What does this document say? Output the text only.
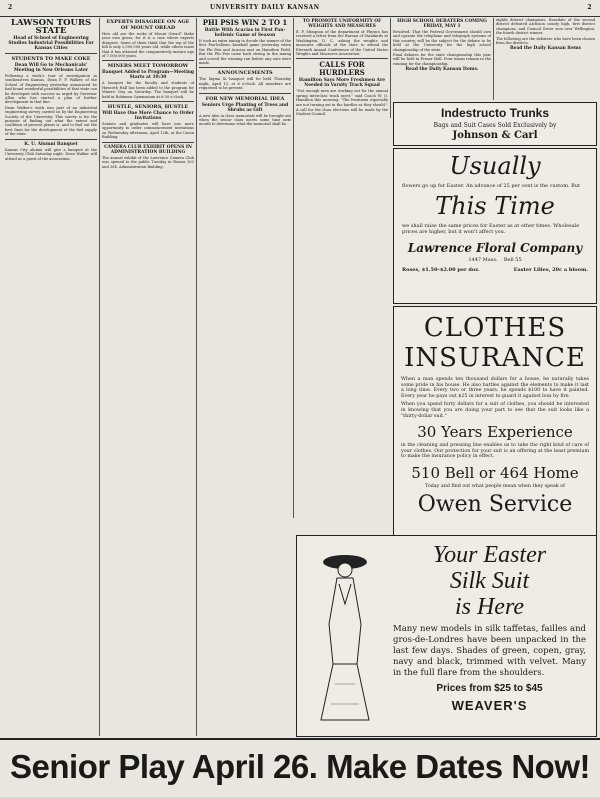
2	UNIVERSITY DAILY KANSAN	2
LAWSON TOURS STATE
Head of School of Engineering Studies Industrial Possibilities For Kansas Cities
STUDENTS TO MAKE COKE
Dean Will Go to Mechanicals' Meeting in New Orleans Later

Following a week's tour of investigation in southeastern Kansas, Dean F. F. Walker, of the School of Engineering yesterday announced he had found wonderful possibilities of that state can be developed with success as urged by Governor Allen who has started a plan of further development in that line.

Dean Walker's work was part of an industrial engineering survey carried on by the Engineering Society of the University. This survey is for the purpose of finding out what the extent and condition of present plants is, and to find out the best lines for the development of the fuel supply of the state.

K. U. Alumni Banquet

Kansas City alumni will give a banquet at the University Club Saturday night. Dean Walker will attend as a guest of the association.

EXPERTS DISAGREE ON AGE OF MOUNT OREAD

How old are the rocks of Mount Oread? Make your own guess, for it is a case where experts disagree. Some of them think that the top of the hill is only 2,000,000 years old, while others insist that it has attained the comparatively mature age of 7,000,000 years.

MINERS MEET TOMORROW
Banquet Added to Program—Meeting Starts at 10:30

A banquet for the faculty and students of Haworth Hall has been added to the program for Miners' Day on Saturday. The banquet will be held in Robinson Gymnasium at 6:30 o'clock.

HUSTLE, SENIORS, HUSTLE
Will Have One More Chance to Order Invitations

Seniors and graduates will have one more opportunity to order commencement invitations on Wednesday afternoon, April 12th, at the Union Building.

CAMERA CLUB EXHIBIT OPENS IN ADMINISTRATION BUILDING

The annual exhibit of the Lawrence Camera Club was opened to the public Tuesday in Rooms 302 and 304, Administration Building.

PHI PSIS WIN 2 TO 1
Battle With Acacias in First Pan-hellenic Game of Season

It took an extra inning to decide the winner of the first Pan-hellenic baseball game yesterday when the Phi Psis and Acacias met on Hamilton Field. But the Phi Psis came back strong in the inning and scored the winning run before any outs were made.

ANNOUNCEMENTS

The Sigma Xi banquet will be held Thursday night, April 13, at 6 o'clock. All members are requested to be present.

FOR NEW MEMORIAL IDEA
Seniors Urge Planting of Trees and Shrubs as Gift

A new idea in class memorials will be brought out when the senior class meets some time next month to determine what the memorial shall be.

TO PROMOTE UNIFORMITY OF WEIGHTS AND MEASURES

E. F. Stimpson of the department of Physics has received a letter from the Bureau of Standards at Washington, D. C., asking the weights and measures officials of the state to attend the Eleventh Annual Conference of the United States Weights and Measures Association.

CALLS FOR HURDLERS
Hamilton Says More Freshmen Are Needed in Varsity Track Squad

"Not enough men are working out for the annual spring interclass track meet," said Coach W. O. Hamilton this morning. "The freshmen especially are not turning out in the hurdles as they should."

A call for the class elections will be made by the Student Council.

HIGH SCHOOL DEBATERS COMING FRIDAY, MAY 1

Resolved, That the Federal Government should own and operate the telephone and telegraph systems of this country, will be the subject for the debate to be held at the University for the high school championship of the state.

Final debates for the state championship this year will be held in Fraser Hall. Four teams remain in the running for the championship.

Read the Daily Kansan Items.

eighth district champions. Rosedale of the second district defeated Atchison county high, first district champions, and Council Grove won over Wellington, the fourth district winner.

The following are the debaters who have been chosen from the districts.

Read the Daily Kansan items
Indestructo Trunks
Bags and Suit Cases Sold Exclusively by
Johnson & Carl
Usually
flowers go up for Easter. An advance of 25 per cent is the custom. But
This Time
we shall raise the same prices for Easter as at other times. Wholesale prices are higher, but it won't affect you.
Lawrence Floral Company
1447 Mass. Bell 55
Roses, $1.50–$2.00 per doz.	Easter Lilies, 20c a bloom.
CLOTHES
INSURANCE
When a man spends ten thousand dollars for a house, he naturally takes some pride in his house. He also battles against the elements to make it last a long time. Every two or three years, he spends $100 to have it painted. Every year he pays out $25 in interest to guard it against loss by fire.
When you spend forty dollars for a suit of clothes, you should be interested in knowing that you are doing your part to see that the suit looks like a "thirty-dollar suit."
30 Years Experience
in the cleaning and pressing line enables us to take the right kind of care of your clothes. Our protection for your suit is an offering at the least premium to make the insurance policy in effect.
510 Bell or 464 Home
Today and find out what people mean when they speak of
Owen Service
Your Easter
Silk Suit
is Here
Many new models in silk taffetas, failles and gros-de-Londres have been unpacked in the last few days. Shades of green, copen, gray, navy and black, trimmed with velvet. Many in the full flare from the shoulders.
Prices from $25 to $45
WEAVER'S
Senior Play April 26. Make Dates Now!
